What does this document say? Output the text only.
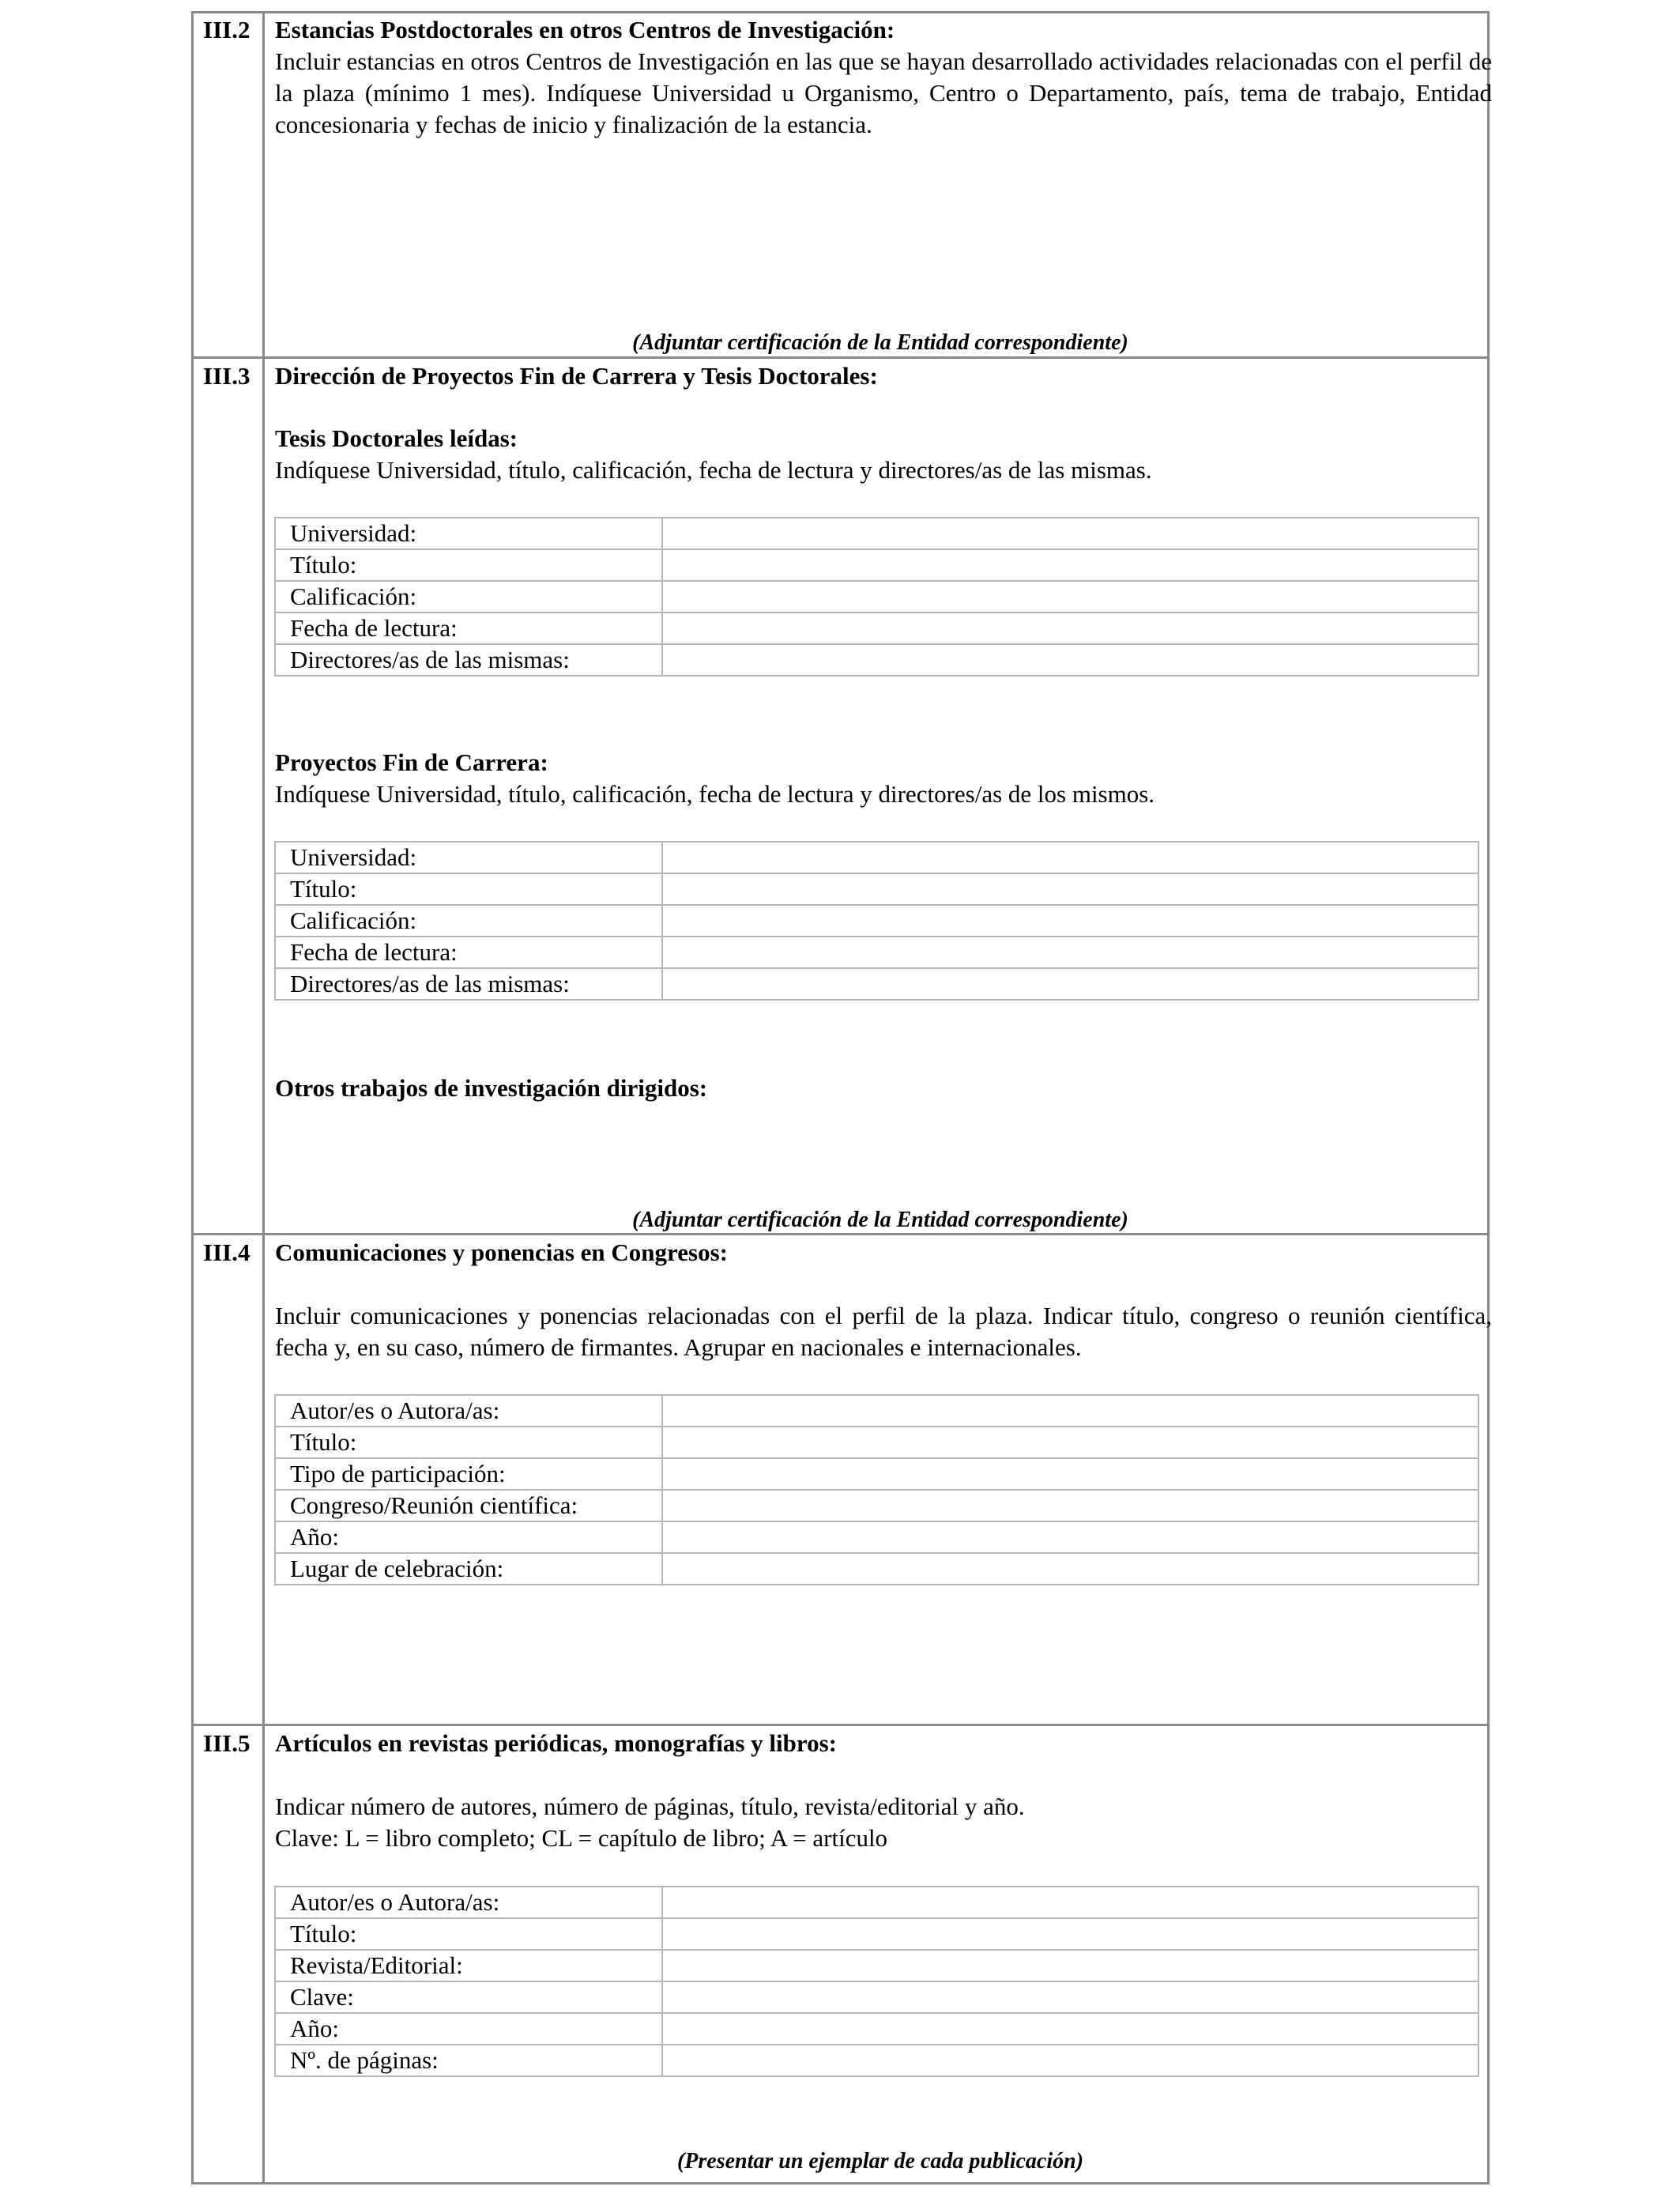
III.2 Estancias Postdoctorales en otros Centros de Investigación:
Incluir estancias en otros Centros de Investigación en las que se hayan desarrollado actividades relacionadas con el perfil de la plaza (mínimo 1 mes). Indíquese Universidad u Organismo, Centro o Departamento, país, tema de trabajo, Entidad concesionaria y fechas de inicio y finalización de la estancia.
(Adjuntar certificación de la Entidad correspondiente)
III.3 Dirección de Proyectos Fin de Carrera y Tesis Doctorales:
Tesis Doctorales leídas:
Indíquese Universidad, título, calificación, fecha de lectura y directores/as de las mismas.
Universidad:	
Título:	
Calificación:	
Fecha de lectura:	
Directores/as de las mismas:	
Proyectos Fin de Carrera:
Indíquese Universidad, título, calificación, fecha de lectura y directores/as de los mismos.
Universidad:	
Título:	
Calificación:	
Fecha de lectura:	
Directores/as de las mismas:	
Otros trabajos de investigación dirigidos:
(Adjuntar certificación de la Entidad correspondiente)
III.4 Comunicaciones y ponencias en Congresos:
Incluir comunicaciones y ponencias relacionadas con el perfil de la plaza. Indicar título, congreso o reunión científica, fecha y, en su caso, número de firmantes. Agrupar en nacionales e internacionales.
Autor/es o Autora/as:	
Título:	
Tipo de participación:	
Congreso/Reunión científica:	
Año:	
Lugar de celebración:	
III.5 Artículos en revistas periódicas, monografías y libros:
Indicar número de autores, número de páginas, título, revista/editorial y año.
Clave: L = libro completo; CL = capítulo de libro; A = artículo
Autor/es o Autora/as:	
Título:	
Revista/Editorial:	
Clave:	
Año:	
Nº. de páginas:	
(Presentar un ejemplar de cada publicación)
